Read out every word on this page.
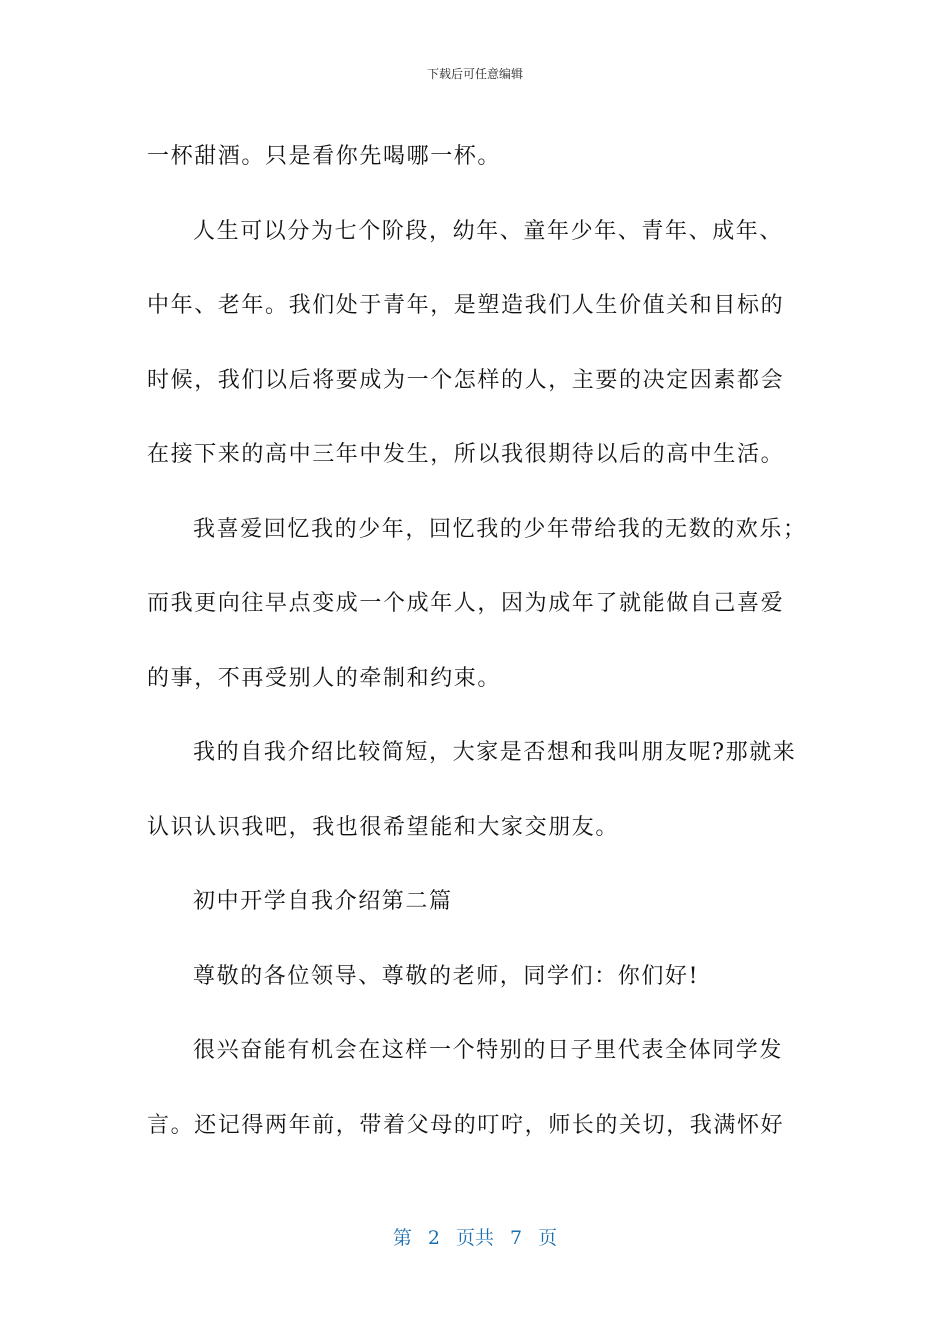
下载后可任意编辑
一杯甜酒。只是看你先喝哪一杯。
人生可以分为七个阶段，幼年、童年少年、青年、成年、
中年、老年。我们处于青年，是塑造我们人生价值关和目标的
时候，我们以后将要成为一个怎样的人，主要的决定因素都会
在接下来的高中三年中发生，所以我很期待以后的高中生活。
我喜爱回忆我的少年，回忆我的少年带给我的无数的欢乐；
而我更向往早点变成一个成年人，因为成年了就能做自己喜爱
的事，不再受别人的牵制和约束。
我的自我介绍比较简短，大家是否想和我叫朋友呢?那就来
认识认识我吧，我也很希望能和大家交朋友。
初中开学自我介绍第二篇
尊敬的各位领导、尊敬的老师，同学们：你们好!
很兴奋能有机会在这样一个特别的日子里代表全体同学发
言。还记得两年前，带着父母的叮咛，师长的关切，我满怀好
第 2 页共 7 页
